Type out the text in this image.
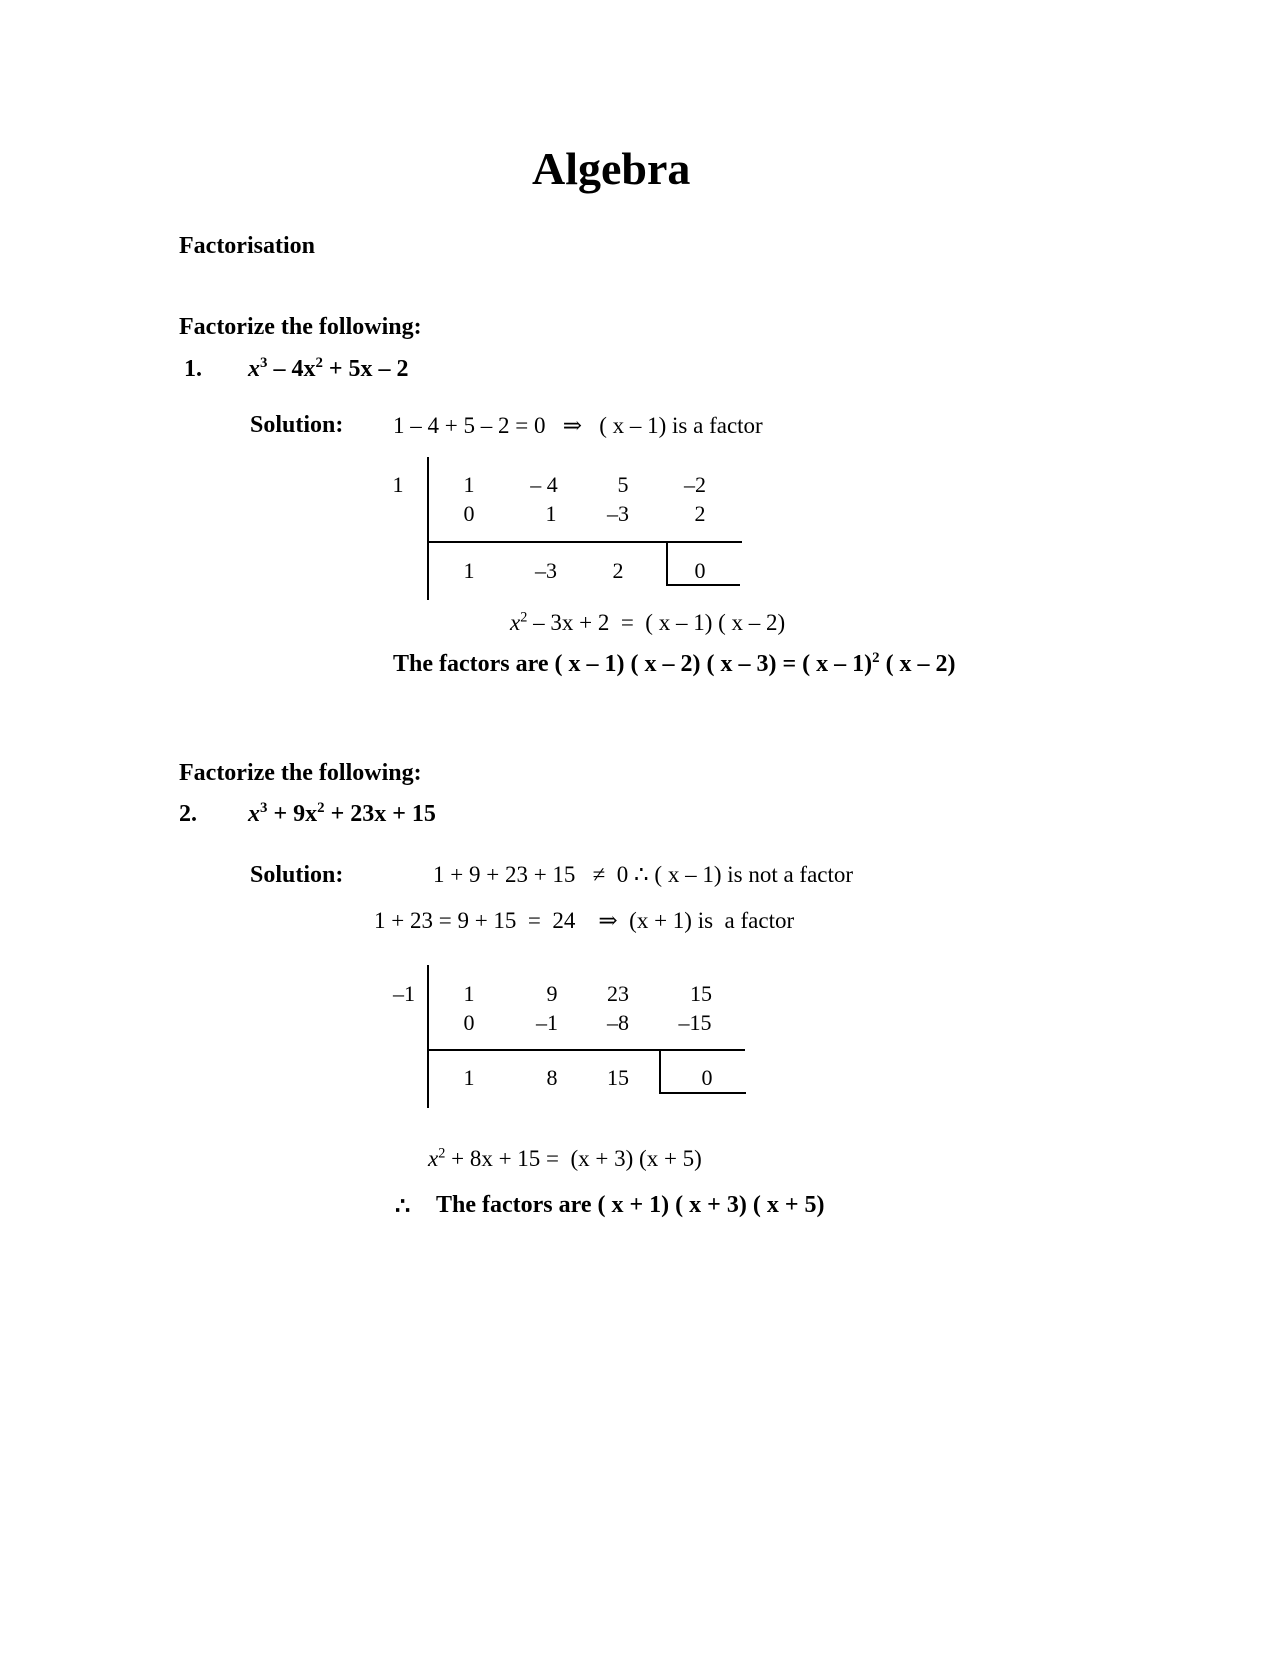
Algebra
Factorisation
Factorize the following:
1. $x^3 - 4x^2 + 5x - 2$
Solution: 1 – 4 + 5 – 2 = 0   ⇒   ( x – 1) is a factor
1	1	– 4	5	–2
0	1	–3	2
1	–3	2	0
$x^2 - 3x + 2$  =  ( x – 1) ( x – 2)
The factors are ( x – 1) ( x – 2) ( x – 3) = ( x – 1)$^2$ ( x – 2)
Factorize the following:
2. $x^3 + 9x^2 + 23x + 15$
Solution:	1 + 9 + 23 + 15   ≠  0 ∴ ( x – 1) is not a factor
1 + 23 = 9 + 15  =  24    ⇒  (x + 1) is  a factor
–1	1	9	23	15
0	–1	–8	–15
1	8	15	0
$x^2 + 8x + 15 = (x + 3) (x + 5)$
∴ The factors are ( x + 1) ( x + 3) ( x + 5)
